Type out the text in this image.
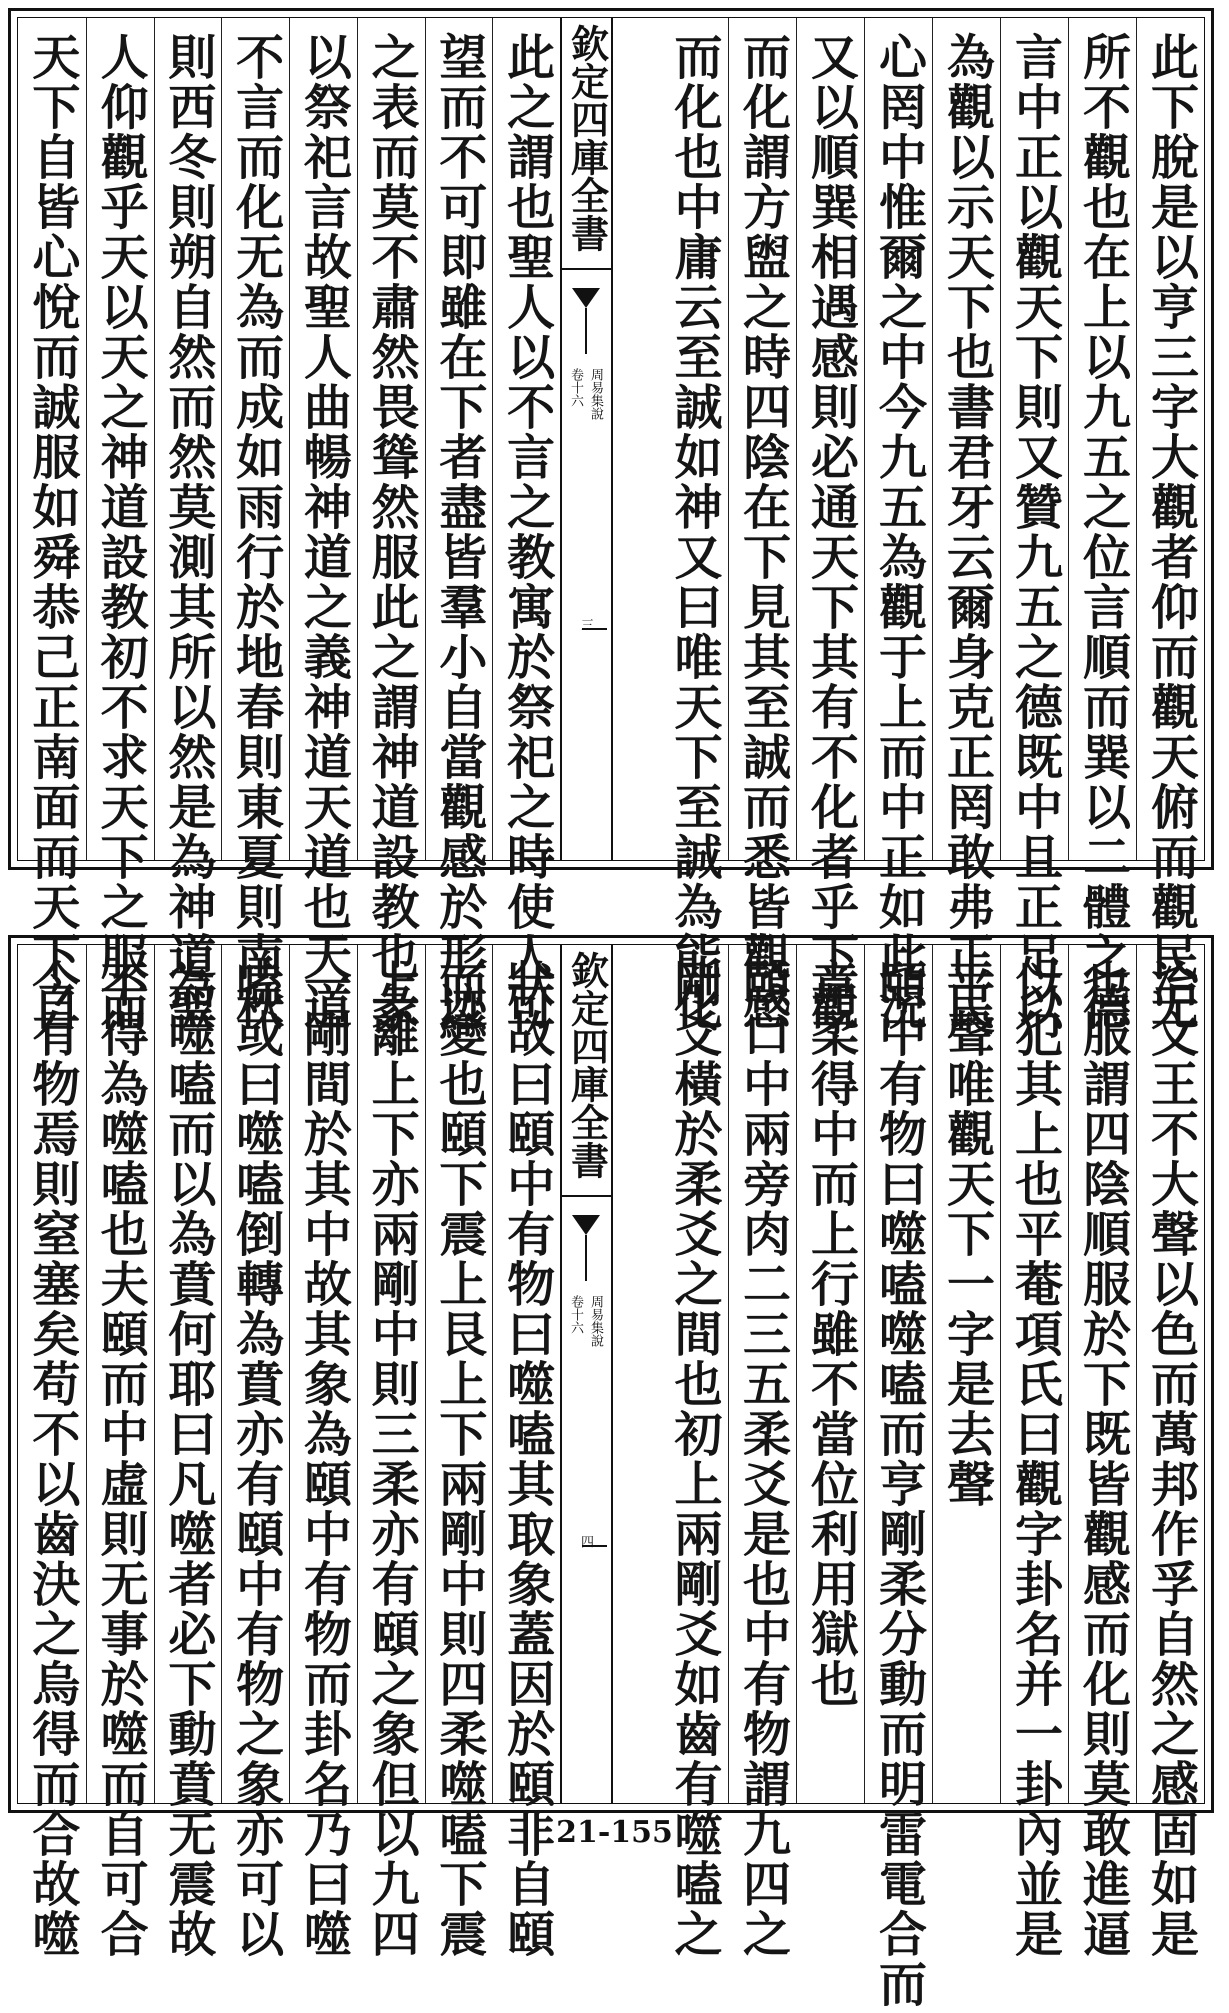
此下脫是以亨三字大觀者仰而觀天俯而觀民无
所不觀也在上以九五之位言順而巽以二體之德
言中正以觀天下則又贊九五之德既中且正足以
為觀以示天下也書君牙云爾身克正罔敢弗正民
心罔中惟爾之中今九五為觀于上而中正如此況
又以順巽相遇感則必通天下其有不化者乎下觀
而化謂方盥之時四陰在下見其至誠而悉皆觀感
而化也中庸云至誠如神又曰唯天下至誠為能化
欽定四庫全書
周易集說
卷十六
三
此之謂也聖人以不言之教寓於祭祀之時使人可
望而不可即雖在下者盡皆羣小自當觀感於形迹
之表而莫不肅然畏聳然服此之謂神道設教也彖
以祭祀言故聖人曲暢神道之義神道天道也天道
不言而化无為而成如雨行於地春則東夏則南秋
則西冬則朔自然而然莫測其所以然是為神道聖
人仰觀乎天以天之神道設教初不求天下之服而
天下自皆心悅而誠服如舜恭己正南面而天下自
治文王不大聲以色而萬邦作孚自然之感固如是
也服謂四陰順服於下既皆觀感而化則莫敢進逼
以犯其上也平菴項氏曰觀字卦名并一卦內並是
平聲唯觀天下一字是去聲
頤中有物曰噬嗑噬嗑而亨剛柔分動而明雷電合而
章柔得中而上行雖不當位利用獄也
頤口中兩旁肉二三五柔爻是也中有物謂九四之
剛爻橫於柔爻之間也初上兩剛爻如齒有噬嗑之
欽定四庫全書
周易集說
卷十六
四
狀故曰頤中有物曰噬嗑其取象蓋因於頤非自頤
而變也頤下震上艮上下兩剛中則四柔噬嗑下震
上離上下亦兩剛中則三柔亦有頤之象但以九四
一剛間於其中故其象為頤中有物而卦名乃曰噬
嗑或曰噬嗑倒轉為賁亦有頤中有物之象亦可以
為噬嗑而以為賁何耶曰凡噬者必下動賁无震故
不得為噬嗑也夫頤而中虛則无事於噬而自可合
今有物焉則窒塞矣苟不以齒決之烏得而合故噬	21-155
